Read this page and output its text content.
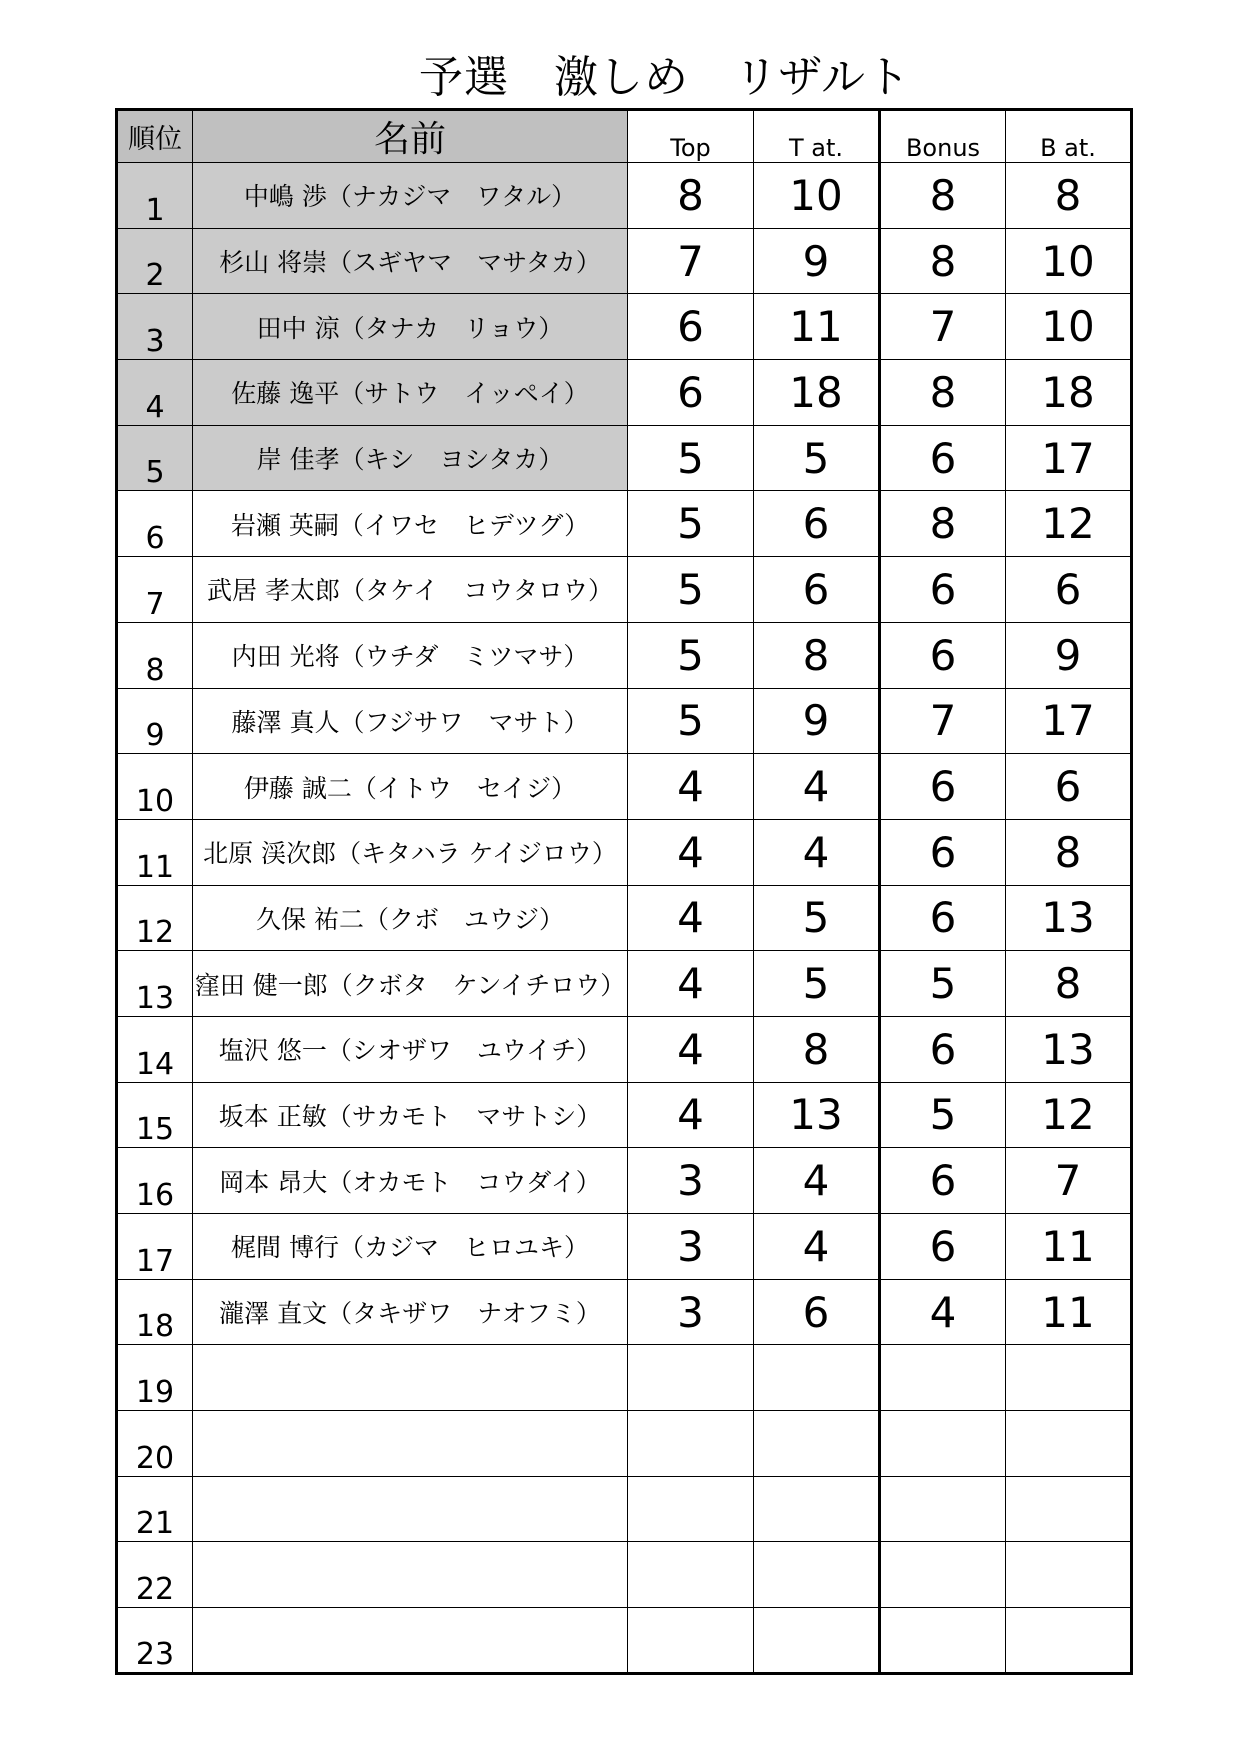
予選　激しめ　リザルト
順位	名前	Top	T at.	Bonus	B at.
1	中嶋 渉（ナカジマ　ワタル）	8	10	8	8
2	杉山 将崇（スギヤマ　マサタカ）	7	9	8	10
3	田中 涼（タナカ　リョウ）	6	11	7	10
4	佐藤 逸平（サトウ　イッペイ）	6	18	8	18
5	岸 佳孝（キシ　ヨシタカ）	5	5	6	17
6	岩瀬 英嗣（イワセ　ヒデツグ）	5	6	8	12
7	武居 孝太郎（タケイ　コウタロウ）	5	6	6	6
8	内田 光将（ウチダ　ミツマサ）	5	8	6	9
9	藤澤 真人（フジサワ　マサト）	5	9	7	17
10	伊藤 誠二（イトウ　セイジ）	4	4	6	6
11	北原 渓次郎（キタハラ ケイジロウ）	4	4	6	8
12	久保 祐二（クボ　ユウジ）	4	5	6	13
13	窪田 健一郎（クボタ　ケンイチロウ）	4	5	5	8
14	塩沢 悠一（シオザワ　ユウイチ）	4	8	6	13
15	坂本 正敏（サカモト　マサトシ）	4	13	5	12
16	岡本 昂大（オカモト　コウダイ）	3	4	6	7
17	梶間 博行（カジマ　ヒロユキ）	3	4	6	11
18	瀧澤 直文（タキザワ　ナオフミ）	3	6	4	11
19					
20					
21					
22					
23					
